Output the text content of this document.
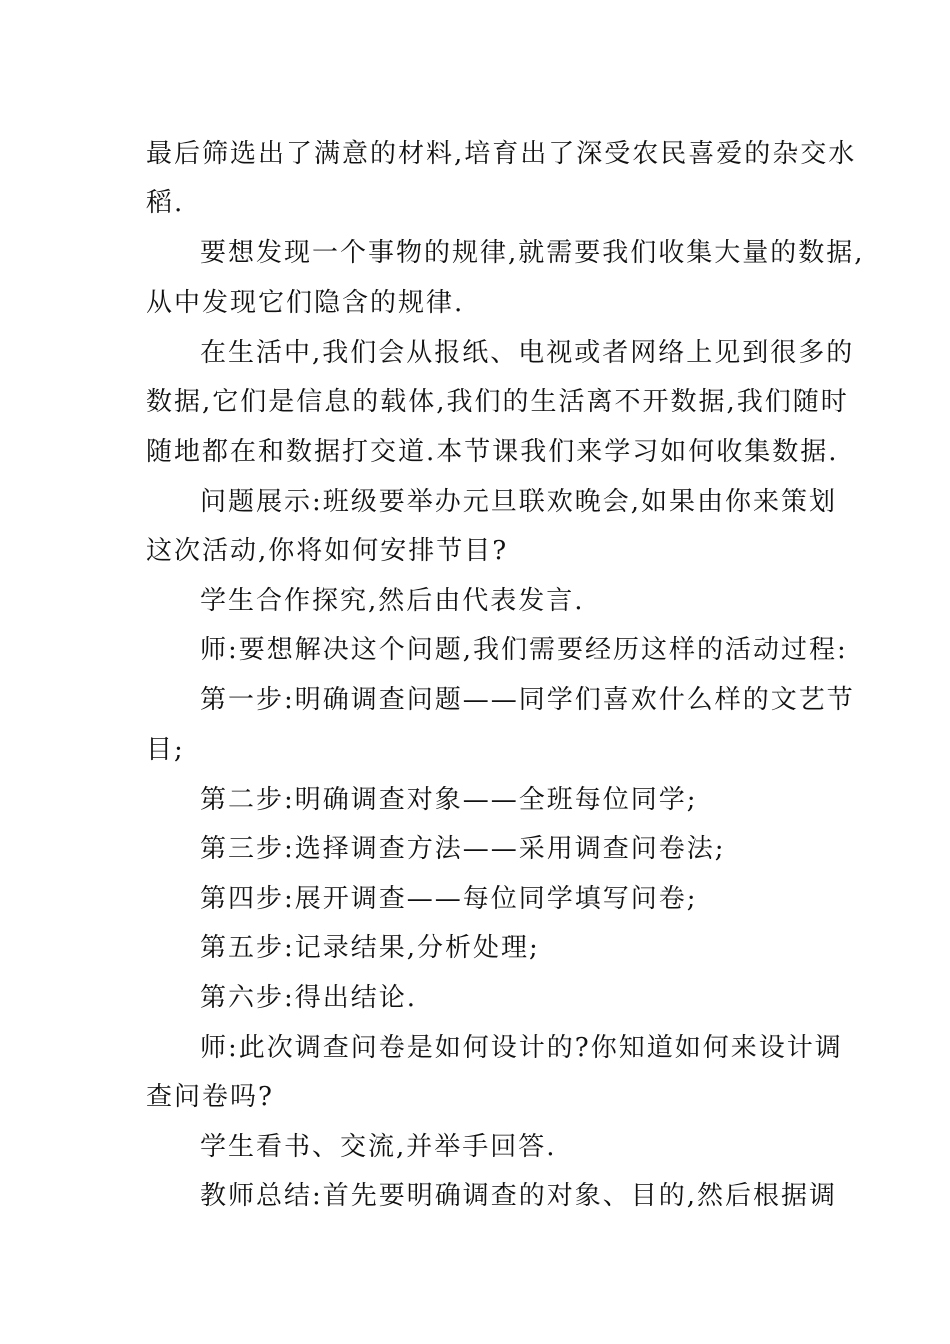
最后筛选出了满意的材料,培育出了深受农民喜爱的杂交水
稻.
要想发现一个事物的规律,就需要我们收集大量的数据,
从中发现它们隐含的规律.
在生活中,我们会从报纸、电视或者网络上见到很多的
数据,它们是信息的载体,我们的生活离不开数据,我们随时
随地都在和数据打交道.本节课我们来学习如何收集数据.
问题展示:班级要举办元旦联欢晚会,如果由你来策划
这次活动,你将如何安排节目?
学生合作探究,然后由代表发言.
师:要想解决这个问题,我们需要经历这样的活动过程:
第一步:明确调查问题——同学们喜欢什么样的文艺节
目;
第二步:明确调查对象——全班每位同学;
第三步:选择调查方法——采用调查问卷法;
第四步:展开调查——每位同学填写问卷;
第五步:记录结果,分析处理;
第六步:得出结论.
师:此次调查问卷是如何设计的?你知道如何来设计调
查问卷吗?
学生看书、交流,并举手回答.
教师总结:首先要明确调查的对象、目的,然后根据调
